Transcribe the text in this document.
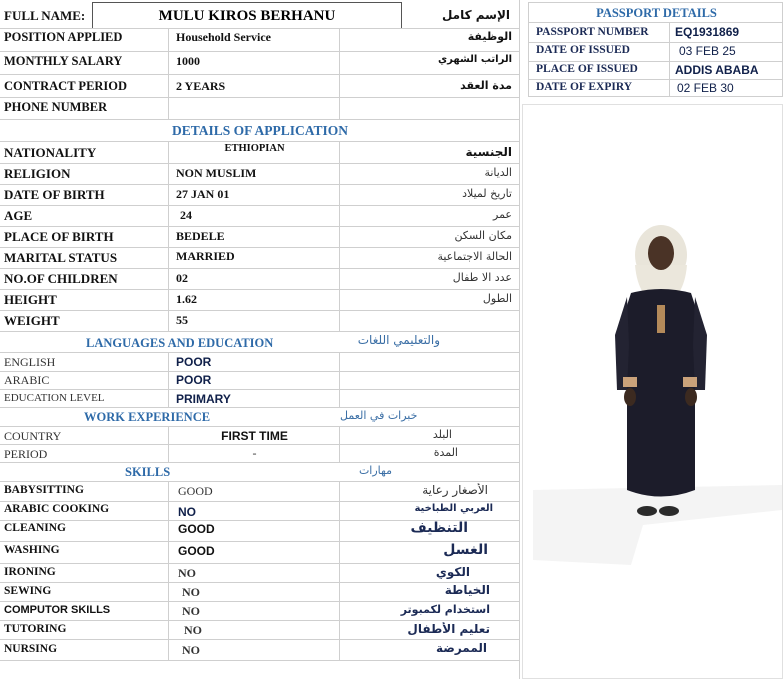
FULL NAME:	MULU KIROS BERHANU	الإسم كامل
POSITION APPLIED	Household Service	الوظيفة
MONTHLY SALARY	1000	الراتب الشهري
CONTRACT PERIOD	2 YEARS	مدة العقد
PHONE NUMBER
DETAILS OF APPLICATION
NATIONALITY	ETHIOPIAN	الجنسية
RELIGION	NON MUSLIM	الديانة
DATE OF BIRTH	27 JAN 01	تاريخ لميلاد
AGE	24	عمر
PLACE OF BIRTH	BEDELE	مكان السكن
MARITAL STATUS	MARRIED	الحالة الاجتماعية
NO.OF CHILDREN	02	عدد الا طفال
HEIGHT	1.62	الطول
WEIGHT	55
LANGUAGES AND EDUCATION	والتعليمي اللغات
ENGLISH	POOR
ARABIC	POOR
EDUCATION LEVEL	PRIMARY
WORK EXPERIENCE	خبرات في العمل
COUNTRY	FIRST TIME	البلد
PERIOD	-	المدة
SKILLS	مهارات
BABYSITTING	GOOD	الأصغار رعاية
ARABIC COOKING	NO	العربي الطباخية
CLEANING	GOOD	التنظيف
WASHING	GOOD	الغسل
IRONING	NO	الكوي
SEWING	NO	الخياطة
COMPUTOR SKILLS	NO	استخدام لكمبوتر
TUTORING	NO	تعليم الأطفال
NURSING	NO	الممرضة
PASSPORT DETAILS
PASSPORT NUMBER EQ1931869
DATE OF ISSUED	03 FEB 25
PLACE OF ISSUED	ADDIS ABABA
DATE OF EXPIRY	02 FEB 30
